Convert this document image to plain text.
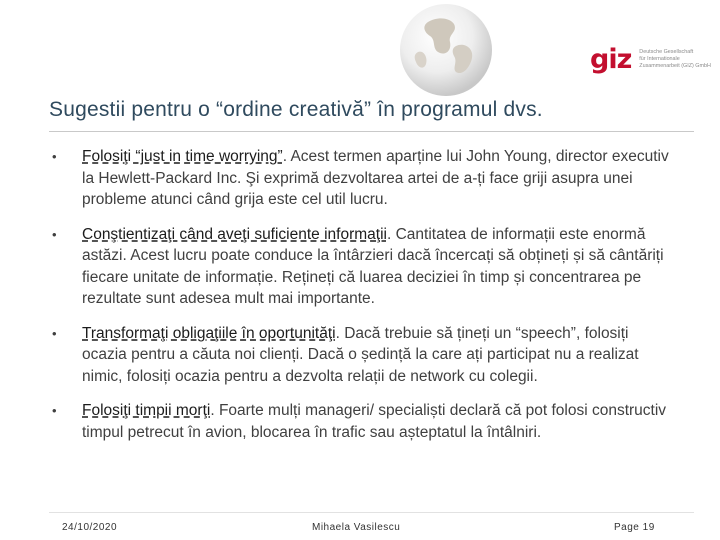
giz Deutsche Gesellschaft
für Internationale
Zusammenarbeit (GIZ) GmbH
Sugestii pentru o “ordine creativă” în programul dvs.
• Folosiţi “just in time worrying”. Acest termen aparține lui John Young, director executiv la Hewlett-Packard Inc. Şi exprimă dezvoltarea artei de a-ți face griji asupra unei probleme atunci când grija este cel util lucru.
• Conştientizaţi când aveţi suficiente informaţii. Cantitatea de informații este enormă astăzi. Acest lucru poate conduce la întârzieri dacă încercați să obțineți și să cântăriți fiecare unitate de informație. Rețineți că luarea deciziei în timp și concentrarea pe rezultate sunt adesea mult mai importante.
• Transformaţi obligaţiile în oportunităţi. Dacă trebuie să țineți un “speech”, folosiți ocazia pentru a căuta noi clienți. Dacă o ședință la care ați participat nu a realizat nimic, folosiți ocazia pentru a dezvolta relații de network cu colegii.
• Folosiţi timpii morţi. Foarte mulți manageri/ specialiști declară că pot folosi constructiv timpul petrecut în avion, blocarea în trafic sau așteptatul la întâlniri.
24/10/2020	Mihaela Vasilescu	Page 19
